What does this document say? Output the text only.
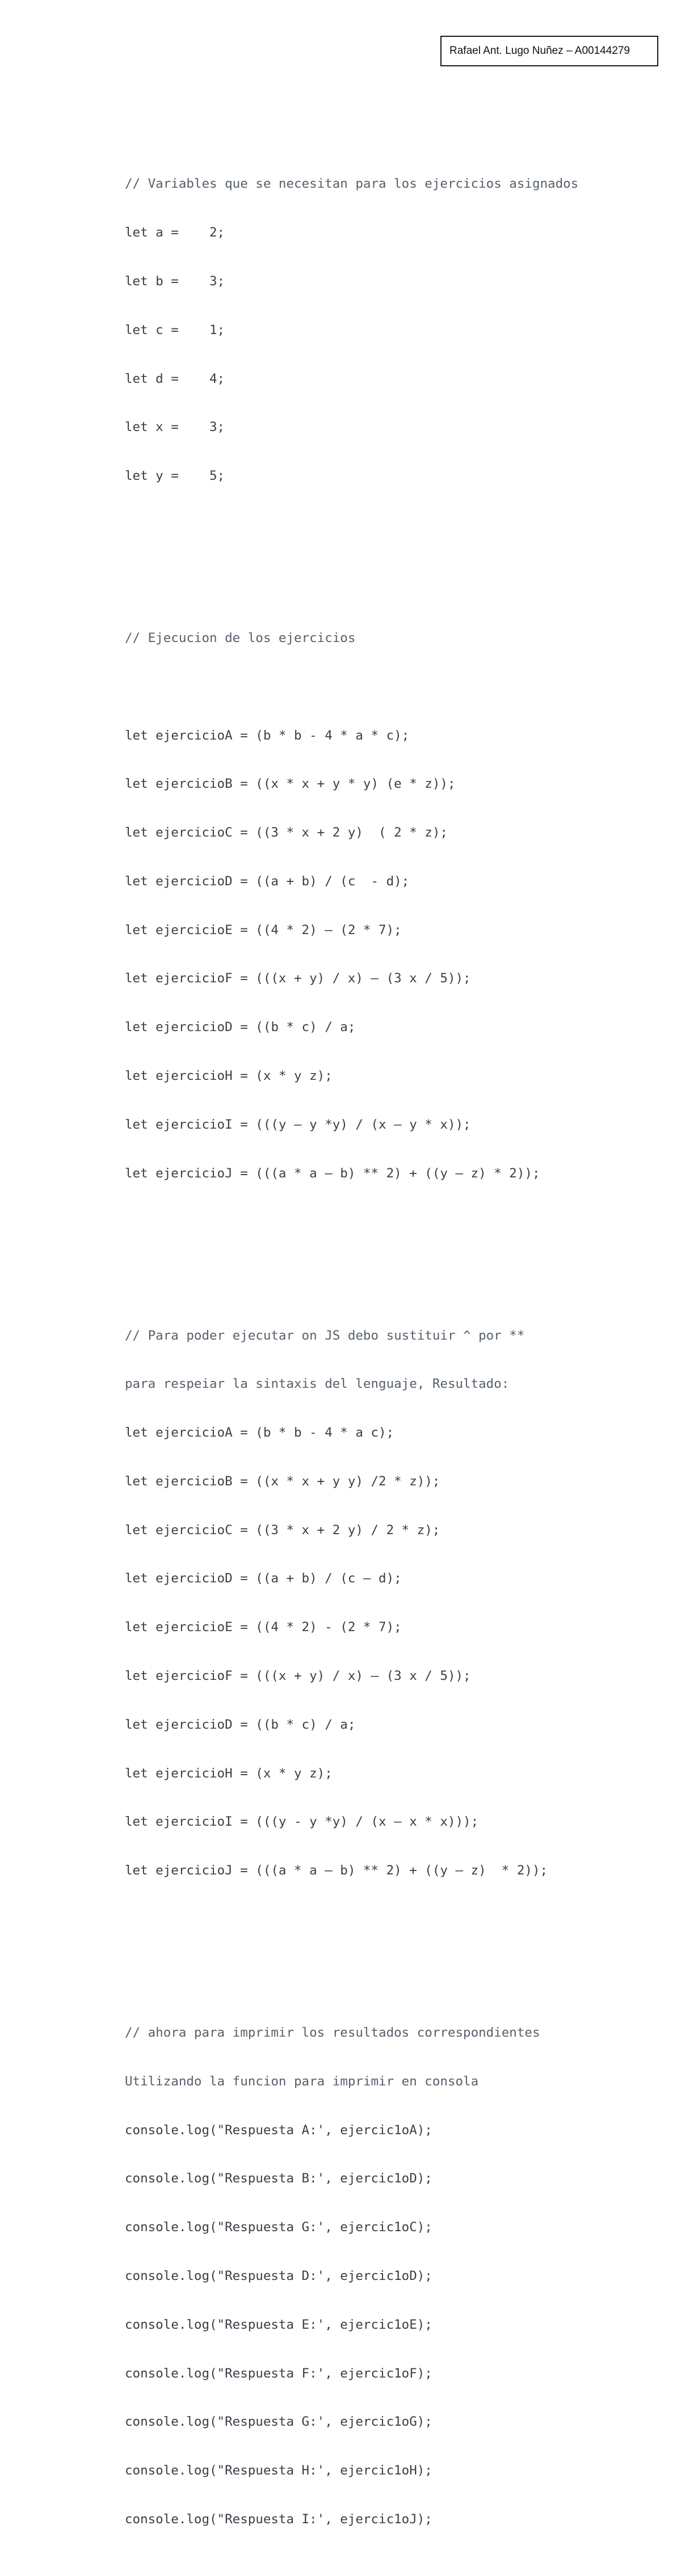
Rafael Ant. Lugo Nuñez – A00144279

// Variables que se necesitan para los ejercicios asignados

let a =    2;

let b =    3;

let c =    1;

let d =    4;

let x =    3;

let y =    5;

// Ejecucion de los ejercicios

let ejercicioA = (b * b - 4 * a * c);

let ejercicioB = ((x * x + y * y) (e * z));

let ejercicioC = ((3 * x + 2 y)  ( 2 * z);

let ejercicioD = ((a + b) / (c  - d);

let ejercicioE = ((4 * 2) – (2 * 7);

let ejercicioF = (((x + y) / x) – (3 x / 5));

let ejercicioD = ((b * c) / a;

let ejercicioH = (x * y z);

let ejercicioI = (((y – y *y) / (x – y * x));

let ejercicioJ = (((a * a – b) ** 2) + ((y – z) * 2));

// Para poder ejecutar on JS debo sustituir ^ por **

para respeiar la sintaxis del lenguaje, Resultado:

let ejercicioA = (b * b - 4 * a c);

let ejercicioB = ((x * x + y y) /2 * z));

let ejercicioC = ((3 * x + 2 y) / 2 * z);

let ejercicioD = ((a + b) / (c – d);

let ejercicioE = ((4 * 2) - (2 * 7);

let ejercicioF = (((x + y) / x) – (3 x / 5));

let ejercicioD = ((b * c) / a;

let ejercicioH = (x * y z);

let ejercicioI = (((y - y *y) / (x – x * x)));

let ejercicioJ = (((a * a – b) ** 2) + ((y – z)  * 2));

// ahora para imprimir los resultados correspondientes

Utilizando la funcion para imprimir en consola

console.log("Respuesta A:', ejercic1oA);

console.log("Respuesta B:', ejercic1oD);

console.log("Respuesta G:', ejercic1oC);

console.log("Respuesta D:', ejercic1oD);

console.log("Respuesta E:', ejercic1oE);

console.log("Respuesta F:', ejercic1oF);

console.log("Respuesta G:', ejercic1oG);

console.log("Respuesta H:', ejercic1oH);

console.log("Respuesta I:', ejercic1oJ);
